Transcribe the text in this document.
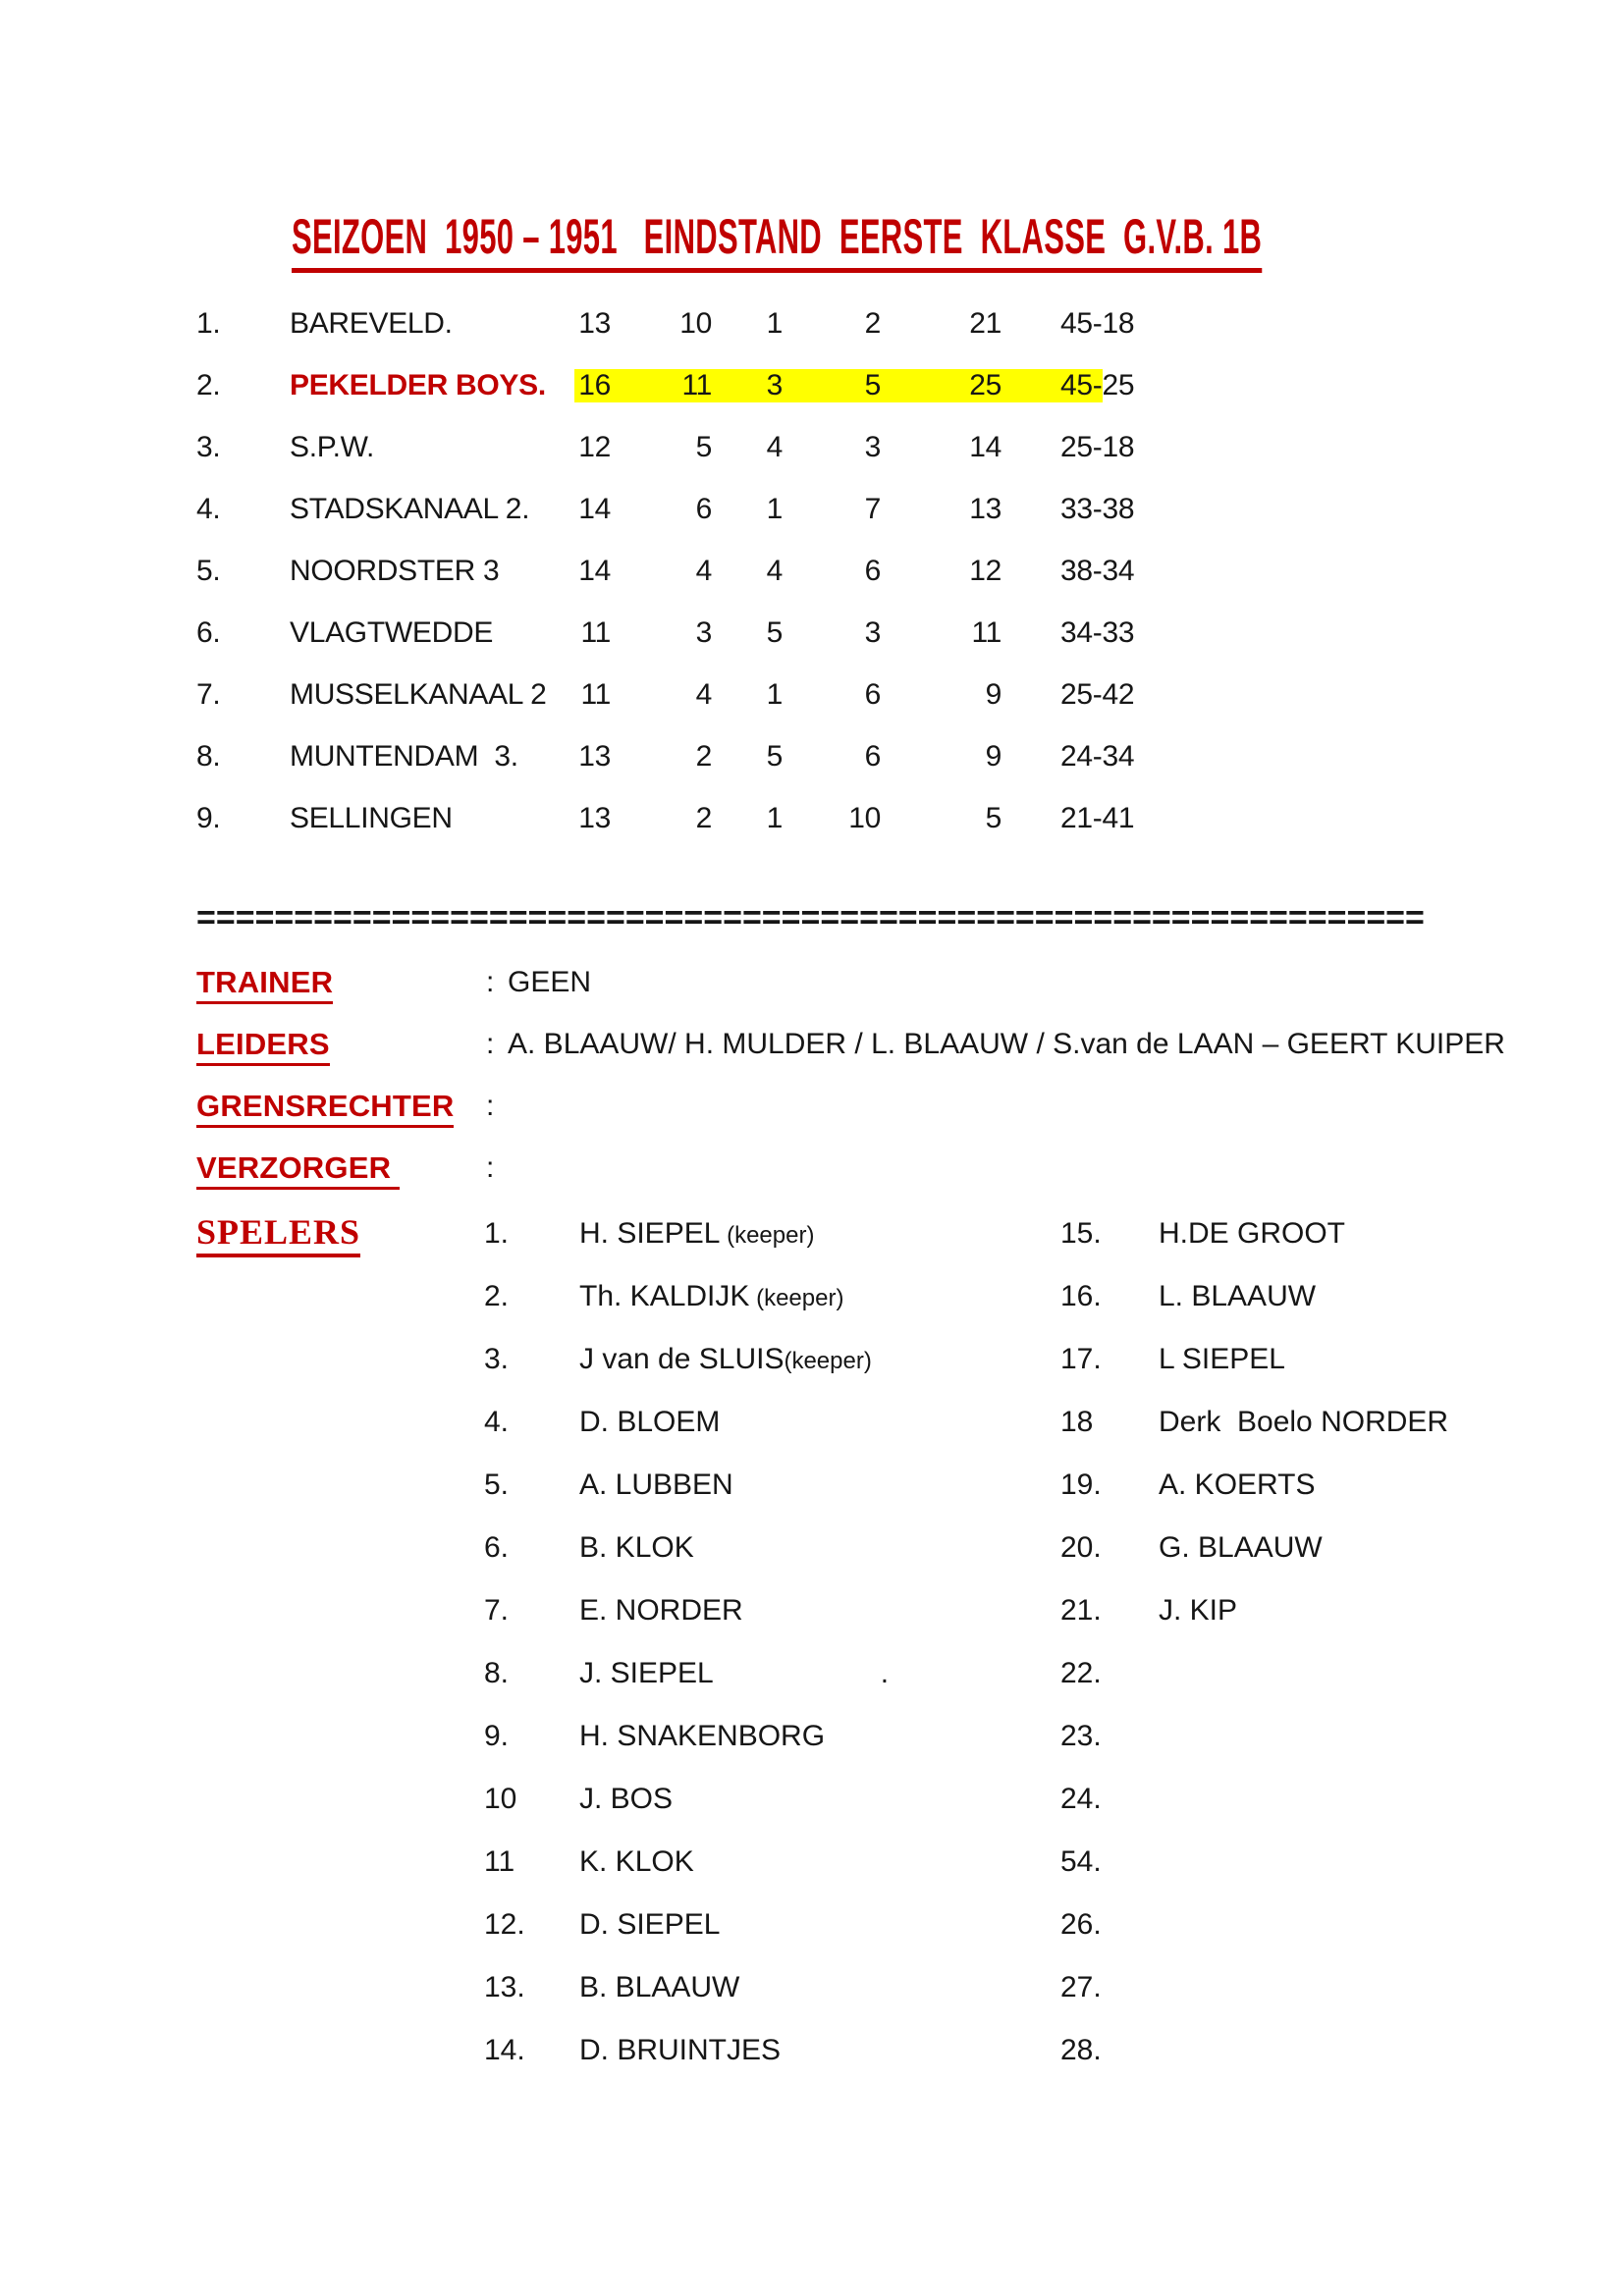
SEIZOEN  1950 – 1951   EINDSTAND  EERSTE  KLASSE  G.V.B. 1B
1.	BAREVELD.	13	10	1	2	21 45-18
2.	PEKELDER BOYS.	16	11	3	5	25 45-25
3.	S.P.W.	12	5	4	3	14 25-18
4.	STADSKANAAL 2.	14	6	1	7	13 33-38
5.	NOORDSTER 3	14	4	4	6	12 38-34
6.	VLAGTWEDDE	11	3	5	3	11 34-33
7.	MUSSELKANAAL 2	11	4	1	6	9 25-42
8.	MUNTENDAM  3.	13	2	5	6	9 24-34
9.	SELLINGEN	13	2	1	10	5 21-41
===============================================================
TRAINER	: GEEN
LEIDERS	: A. BLAAUW/ H. MULDER / L. BLAAUW / S.van de LAAN – GEERT KUIPER
GRENSRECHTER	:
VERZORGER	:
SPELERS	1.	H. SIEPEL (keeper)	15.	H.DE GROOT
2.	Th. KALDIJK (keeper)	16.	L. BLAAUW
3.	J van de SLUIS(keeper)	17.	L SIEPEL
4.	D. BLOEM	18	Derk  Boelo NORDER
5.	A. LUBBEN	19.	A. KOERTS
6.	B. KLOK	20.	G. BLAAUW
7.	E. NORDER	21.	J. KIP
8.	J. SIEPEL	.	22.
9.	H. SNAKENBORG	23.
10	J. BOS	24.
11	K. KLOK	54.
12.	D. SIEPEL	26.
13.	B. BLAAUW	27.
14.	D. BRUINTJES	28.
